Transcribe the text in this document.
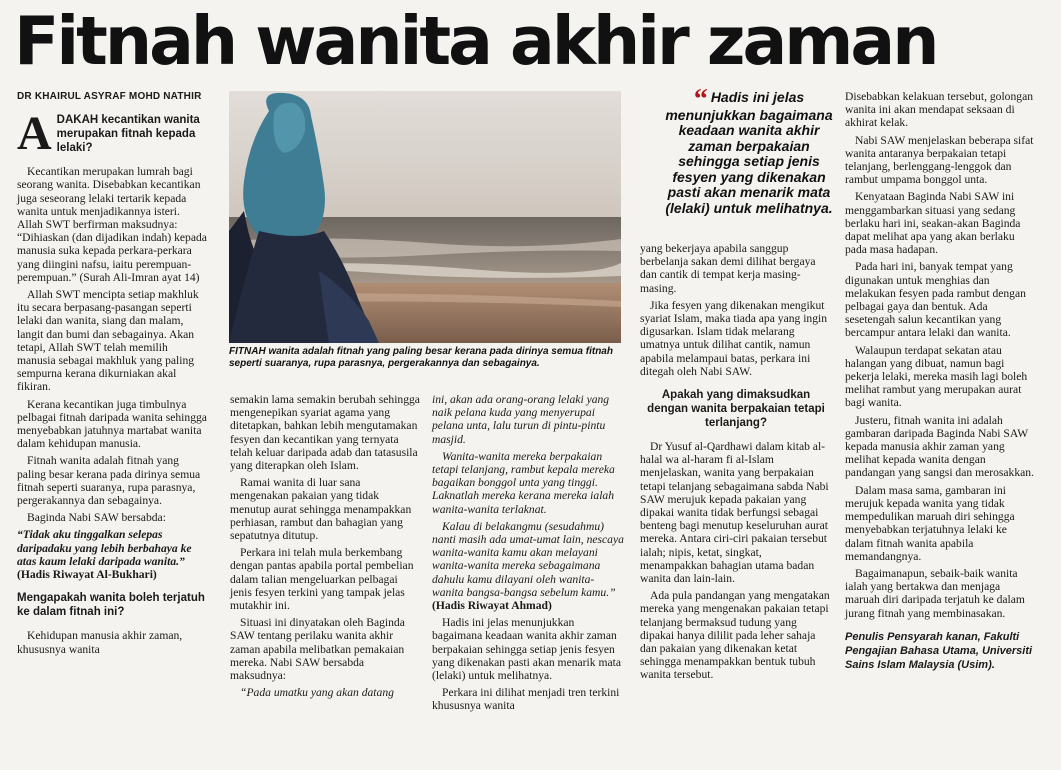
Fitnah wanita akhir zaman
DR KHAIRUL ASYRAF MOHD NATHIR
A DAKAH kecantikan wanita merupakan fitnah kepada lelaki?

Kecantikan merupakan lumrah bagi seorang wanita. Disebabkan kecantikan juga seseorang lelaki tertarik kepada wanita untuk menjadikannya isteri. Allah SWT berfirman maksudnya: “Dihiaskan (dan dijadikan indah) kepada manusia suka kepada perkara-perkara yang diingini nafsu, iaitu perempuan-perempuan.” (Surah Ali-Imran ayat 14)

Allah SWT mencipta setiap makhluk itu secara berpasang-pasangan seperti lelaki dan wanita, siang dan malam, langit dan bumi dan sebagainya. Akan tetapi, Allah SWT telah memilih manusia sebagai makhluk yang paling sempurna kerana dikurniakan akal fikiran.

Kerana kecantikan juga timbulnya pelbagai fitnah daripada wanita sehingga menyebabkan jatuhnya martabat wanita dalam kehidupan manusia.

Fitnah wanita adalah fitnah yang paling besar kerana pada dirinya semua fitnah seperti suaranya, rupa parasnya, pergerakannya dan sebagainya.

Baginda Nabi SAW bersabda:

“Tidak aku tinggalkan selepas daripadaku yang lebih berbahaya ke atas kaum lelaki daripada wanita.” (Hadis Riwayat Al-Bukhari)

Mengapakah wanita boleh terjatuh ke dalam fitnah ini?

Kehidupan manusia akhir zaman, khususnya wanita

FITNAH wanita adalah fitnah yang paling besar kerana pada dirinya semua fitnah seperti suaranya, rupa parasnya, pergerakannya dan sebagainya.

semakin lama semakin berubah sehingga mengenepikan syariat agama yang ditetapkan, bahkan lebih mengutamakan fesyen dan kecantikan yang ternyata telah keluar daripada adab dan tatasusila yang diterapkan oleh Islam.

Ramai wanita di luar sana mengenakan pakaian yang tidak menutup aurat sehingga menampakkan perhiasan, rambut dan bahagian yang sepatutnya ditutup.

Perkara ini telah mula berkembang dengan pantas apabila portal pembelian dalam talian mengeluarkan pelbagai jenis fesyen terkini yang tampak jelas mutakhir ini.

Situasi ini dinyatakan oleh Baginda SAW tentang perilaku wanita akhir zaman apabila melibatkan pemakaian mereka. Nabi SAW bersabda maksudnya:

“Pada umatku yang akan datang

ini, akan ada orang-orang lelaki yang naik pelana kuda yang menyerupai pelana unta, lalu turun di pintu-pintu masjid.

Wanita-wanita mereka berpakaian tetapi telanjang, rambut kepala mereka bagaikan bonggol unta yang tinggi. Laknatlah mereka kerana mereka ialah wanita-wanita terlaknat.

Kalau di belakangmu (sesudahmu) nanti masih ada umat-umat lain, nescaya wanita-wanita kamu akan melayani wanita-wanita mereka sebagaimana dahulu kamu dilayani oleh wanita-wanita bangsa-bangsa sebelum kamu.” (Hadis Riwayat Ahmad)

Hadis ini jelas menunjukkan bagaimana keadaan wanita akhir zaman berpakaian sehingga setiap jenis fesyen yang dikenakan pasti akan menarik mata (lelaki) untuk melihatnya.

Perkara ini dilihat menjadi tren terkini khususnya wanita

“ Hadis ini jelas menunjukkan bagaimana keadaan wanita akhir zaman berpakaian sehingga setiap jenis fesyen yang dikenakan pasti akan menarik mata (lelaki) untuk melihatnya.

yang bekerjaya apabila sanggup berbelanja sakan demi dilihat bergaya dan cantik di tempat kerja masing-masing.

Jika fesyen yang dikenakan mengikut syariat Islam, maka tiada apa yang ingin digusarkan. Islam tidak melarang umatnya untuk dilihat cantik, namun apabila melampaui batas, perkara ini ditegah oleh Nabi SAW.

Apakah yang dimaksudkan dengan wanita berpakaian tetapi terlanjang?

Dr Yusuf al-Qardhawi dalam kitab al-halal wa al-haram fi al-Islam menjelaskan, wanita yang berpakaian tetapi telanjang sebagaimana sabda Nabi SAW merujuk kepada pakaian yang dipakai wanita tidak berfungsi sebagai benteng bagi menutup keseluruhan aurat mereka. Antara ciri-ciri pakaian tersebut ialah; nipis, ketat, singkat, menampakkan bahagian utama badan wanita dan lain-lain.

Ada pula pandangan yang mengatakan mereka yang mengenakan pakaian tetapi telanjang bermaksud tudung yang dipakai hanya dililit pada leher sahaja dan pakaian yang dikenakan ketat sehingga menampakkan bentuk tubuh wanita tersebut.

Disebabkan kelakuan tersebut, golongan wanita ini akan mendapat seksaan di akhirat kelak.

Nabi SAW menjelaskan beberapa sifat wanita antaranya berpakaian tetapi telanjang, berlenggang-lenggok dan rambut umpama bonggol unta.

Kenyataan Baginda Nabi SAW ini menggambarkan situasi yang sedang berlaku hari ini, seakan-akan Baginda dapat melihat apa yang akan berlaku pada masa hadapan.

Pada hari ini, banyak tempat yang digunakan untuk menghias dan melakukan fesyen pada rambut dengan pelbagai gaya dan bentuk. Ada sesetengah salun kecantikan yang bercampur antara lelaki dan wanita.

Walaupun terdapat sekatan atau halangan yang dibuat, namun bagi pekerja lelaki, mereka masih lagi boleh melihat rambut yang merupakan aurat bagi wanita.

Justeru, fitnah wanita ini adalah gambaran daripada Baginda Nabi SAW kepada manusia akhir zaman yang melihat kepada wanita dengan pandangan yang sangsi dan merosakkan.

Dalam masa sama, gambaran ini merujuk kepada wanita yang tidak mempedulikan maruah diri sehingga menyebabkan terjatuhnya lelaki ke dalam fitnah wanita apabila memandangnya.

Bagaimanapun, sebaik-baik wanita ialah yang bertakwa dan menjaga maruah diri daripada terjatuh ke dalam jurang fitnah yang membinasakan.

Penulis Pensyarah kanan, Fakulti Pengajian Bahasa Utama, Universiti Sains Islam Malaysia (Usim).
